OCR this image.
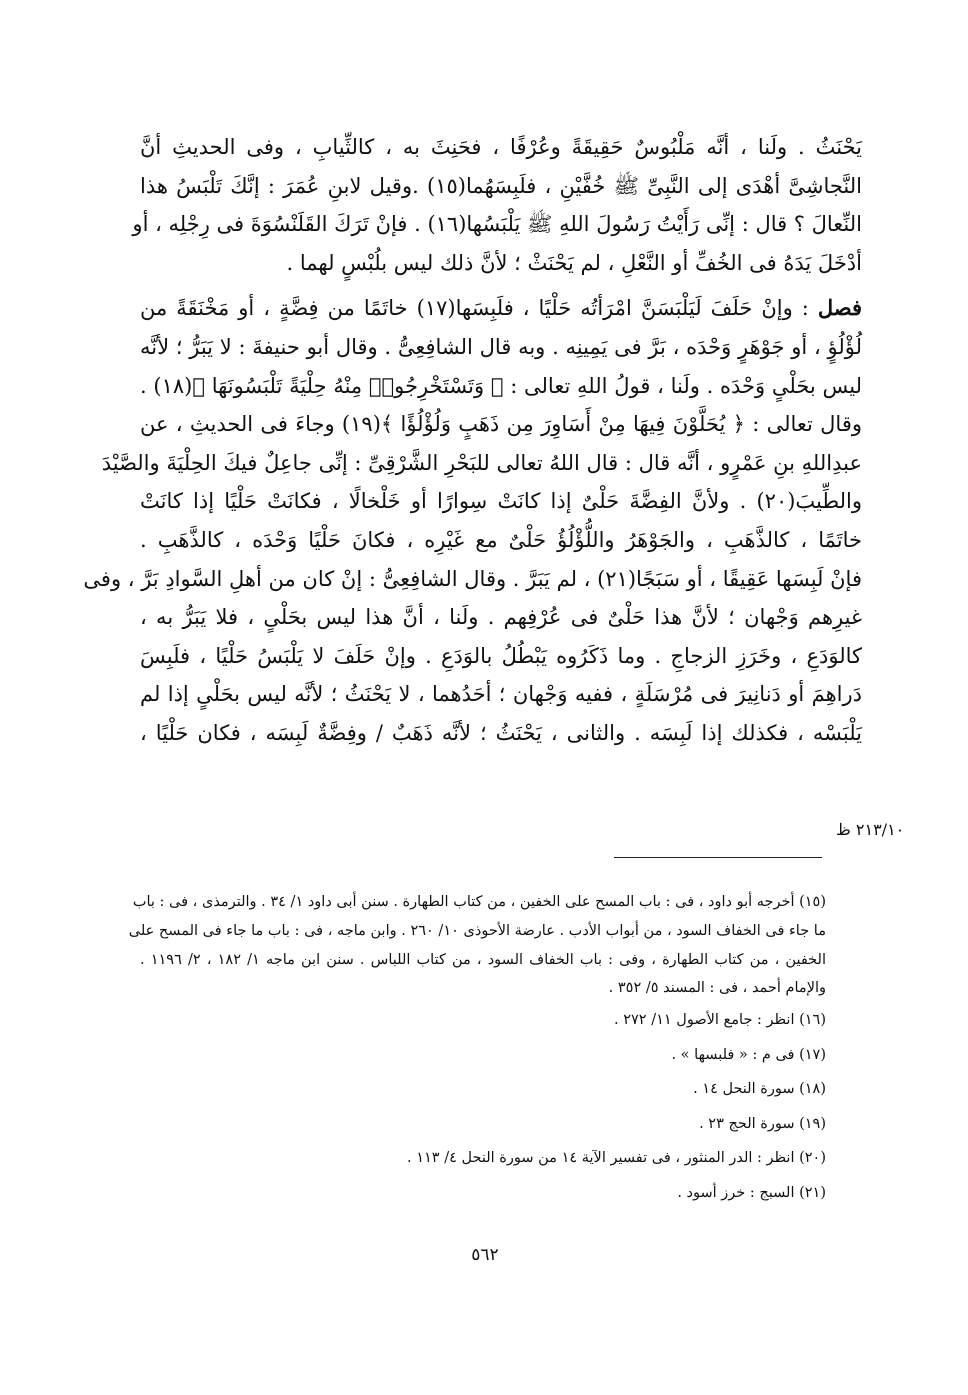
يَحْنَثُ . ولَنا ، أنَّه مَلْبُوسٌ حَقِيقَةً وعُرْفًا ، فحَنِثَ به ، كالثِّيابِ ، وفى الحديثِ أنَّ
النَّجاشِىَّ أهْدَى إلى النَّبِىِّ ﷺ خُفَّيْنِ ، فلَبِسَهُما(١٥) .وقيل لابنِ عُمَرَ : إنَّكَ تَلْبَسُ هذا
النِّعالَ ؟ قال : إنِّى رَأَيْتُ رَسُولَ اللهِ ﷺ يَلْبَسُها(١٦) . فإنْ تَرَكَ القَلَنْسُوَةَ فى رِجْلِه ، أو
أدْخَلَ يَدَهُ فى الخُفِّ أو النَّعْلِ ، لم يَحْنَثْ ؛ لأنَّ ذلك ليس بلُبْسٍ لهما .
فصل : وإنْ حَلَفَ لَيَلْبَسَنَّ امْرَأتُه حَلْيًا ، فلَبِسَها(١٧) خاتَمًا من فِضَّةٍ ، أو مَخْنَقَةً من
لُؤْلُؤٍ ، أو جَوْهَرٍ وَحْدَه ، بَرَّ فى يَمِينِه . وبه قال الشافِعِىُّ . وقال أبو حنيفةَ : لا يَبَرُّ ؛ لأنَّه
ليس بحَلْىٍ وَحْدَه . ولَنا ، قولُ اللهِ تعالى : ﴿ وَتَسْتَخْرِجُوا۟ مِنْهُ حِلْيَةً تَلْبَسُونَهَا ﴾(١٨) .
وقال تعالى : ﴿ يُحَلَّوْنَ فِيهَا مِنْ أَسَاوِرَ مِن ذَهَبٍ وَلُؤْلُؤًا ﴾(١٩) وجاءَ فى الحديثِ ، عن
عبدِاللهِ بنِ عَمْرٍو ، أنَّه قال : قال اللهُ تعالى للبَحْرِ الشَّرْقِىِّ : إنِّى جاعِلٌ فيكَ الحِلْيَةَ والصَّيْدَ
والطِّيبَ(٢٠) . ولأنَّ الفِضَّةَ حَلْىٌ إذا كانَتْ سِوارًا أو خَلْخالًا ، فكانَتْ حَلْيًا إذا كانَتْ
خاتَمًا ، كالذَّهَبِ ، والجَوْهَرُ واللُّؤْلُؤُ حَلْىٌ مع غَيْرِه ، فكانَ حَلْيًا وَحْدَه ، كالذَّهَبِ .
فإنْ لَبِسَها عَقِيقًا ، أو سَبَجًا(٢١) ، لم يَبَرَّ . وقال الشافِعِىُّ : إنْ كان من أهلِ السَّوادِ بَرَّ ، وفى
غيرِهم وَجْهان ؛ لأنَّ هذا حَلْىٌ فى عُرْفِهم . ولَنا ، أنَّ هذا ليس بحَلْىٍ ، فلا يَبَرُّ به ،
كالوَدَعِ ، وخَرَزِ الزجاجِ . وما ذَكَرُوه يَبْطُلُ بالوَدَعِ . وإنْ حَلَفَ لا يَلْبَسُ حَلْيًا ، فلَبِسَ
دَراهِمَ أو دَنانِيرَ فى مُرْسَلَةٍ ، ففيه وَجْهان ؛ أحَدُهما ، لا يَحْنَثُ ؛ لأنَّه ليس بحَلْىٍ إذا لم
يَلْبَسْه ، فكذلك إذا لَبِسَه . والثانى ، يَحْنَثُ ؛ لأنَّه ذَهَبٌ / وفِضَّةٌ لَبِسَه ، فكان حَلْيًا ،
٢١٣/١٠ ظ
(١٥) أخرجه أبو داود ، فى : باب المسح على الخفين ، من كتاب الطهارة . سنن أبى داود ١/ ٣٤ . والترمذى ، فى : باب
ما جاء فى الخفاف السود ، من أبواب الأدب . عارضة الأحوذى ١٠/ ٢٦٠ . وابن ماجه ، فى : باب ما جاء فى المسح على
الخفين ، من كتاب الطهارة ، وفى : باب الخفاف السود ، من كتاب اللباس . سنن ابن ماجه ١/ ١٨٢ ، ٢/ ١١٩٦ .
والإمام أحمد ، فى : المسند ٥/ ٣٥٢ .
(١٦) انظر : جامع الأصول ١١/ ٢٧٢ .
(١٧) فى م : « فلبسها » .
(١٨) سورة النحل ١٤ .
(١٩) سورة الحج ٢٣ .
(٢٠) انظر : الدر المنثور ، فى تفسير الآية ١٤ من سورة النحل ٤/ ١١٣ .
(٢١) السبج : خرز أسود .
٥٦٢
